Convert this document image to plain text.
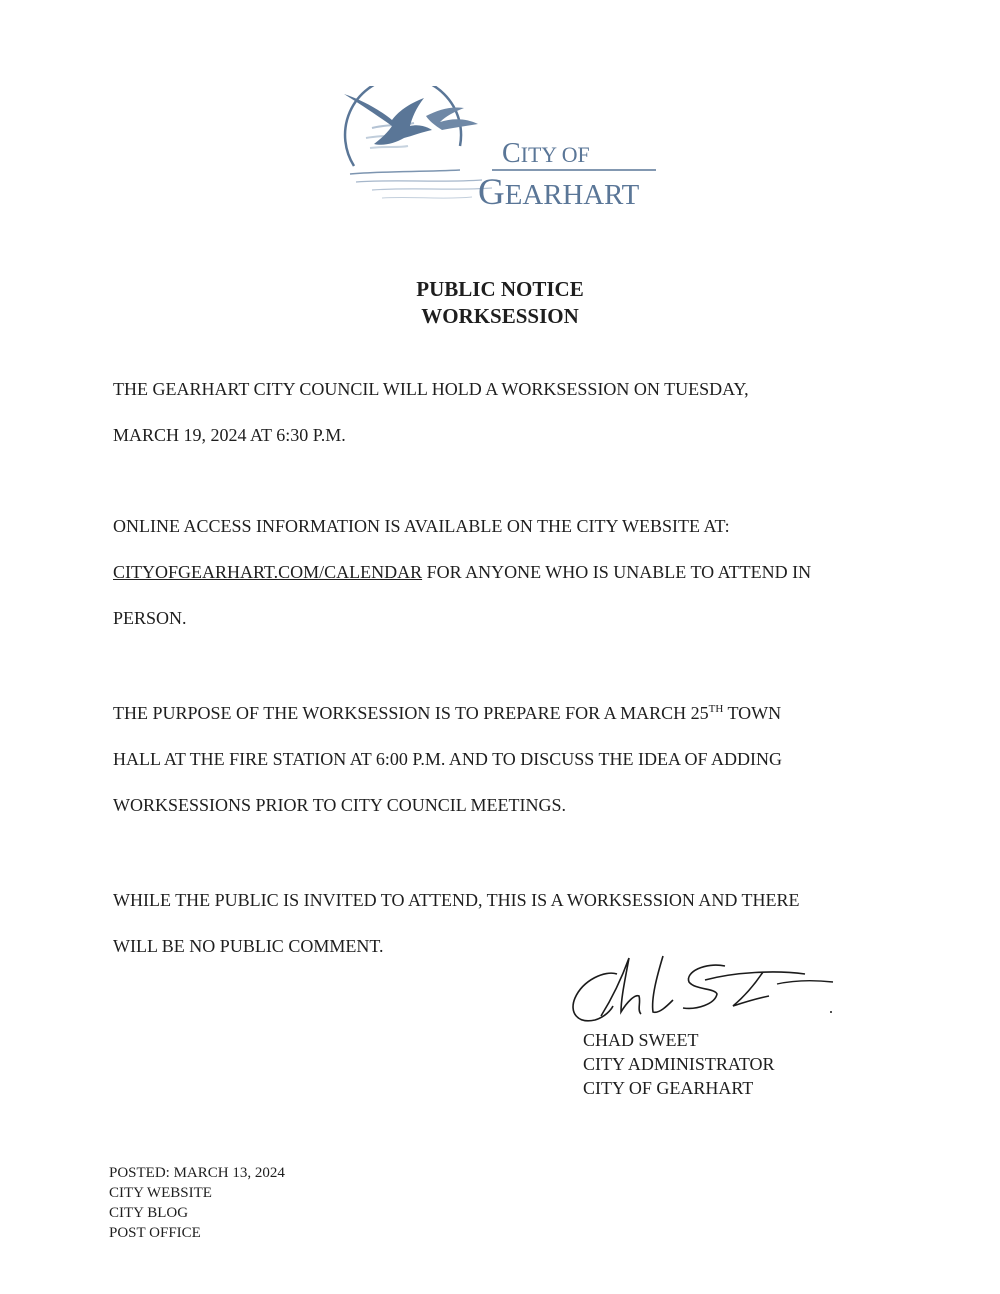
CITY OF
GEARHART
PUBLIC NOTICE
WORKSESSION

THE GEARHART CITY COUNCIL WILL HOLD A WORKSESSION ON TUESDAY,
MARCH 19, 2024 AT 6:30 P.M.

ONLINE ACCESS INFORMATION IS AVAILABLE ON THE CITY WEBSITE AT:
CITYOFGEARHART.COM/CALENDAR FOR ANYONE WHO IS UNABLE TO ATTEND IN
PERSON.

THE PURPOSE OF THE WORKSESSION IS TO PREPARE FOR A MARCH 25TH TOWN
HALL AT THE FIRE STATION AT 6:00 P.M. AND TO DISCUSS THE IDEA OF ADDING
WORKSESSIONS PRIOR TO CITY COUNCIL MEETINGS.

WHILE THE PUBLIC IS INVITED TO ATTEND, THIS IS A WORKSESSION AND THERE
WILL BE NO PUBLIC COMMENT.

CHAD SWEET
CITY ADMINISTRATOR
CITY OF GEARHART
POSTED: MARCH 13, 2024
CITY WEBSITE
CITY BLOG
POST OFFICE
